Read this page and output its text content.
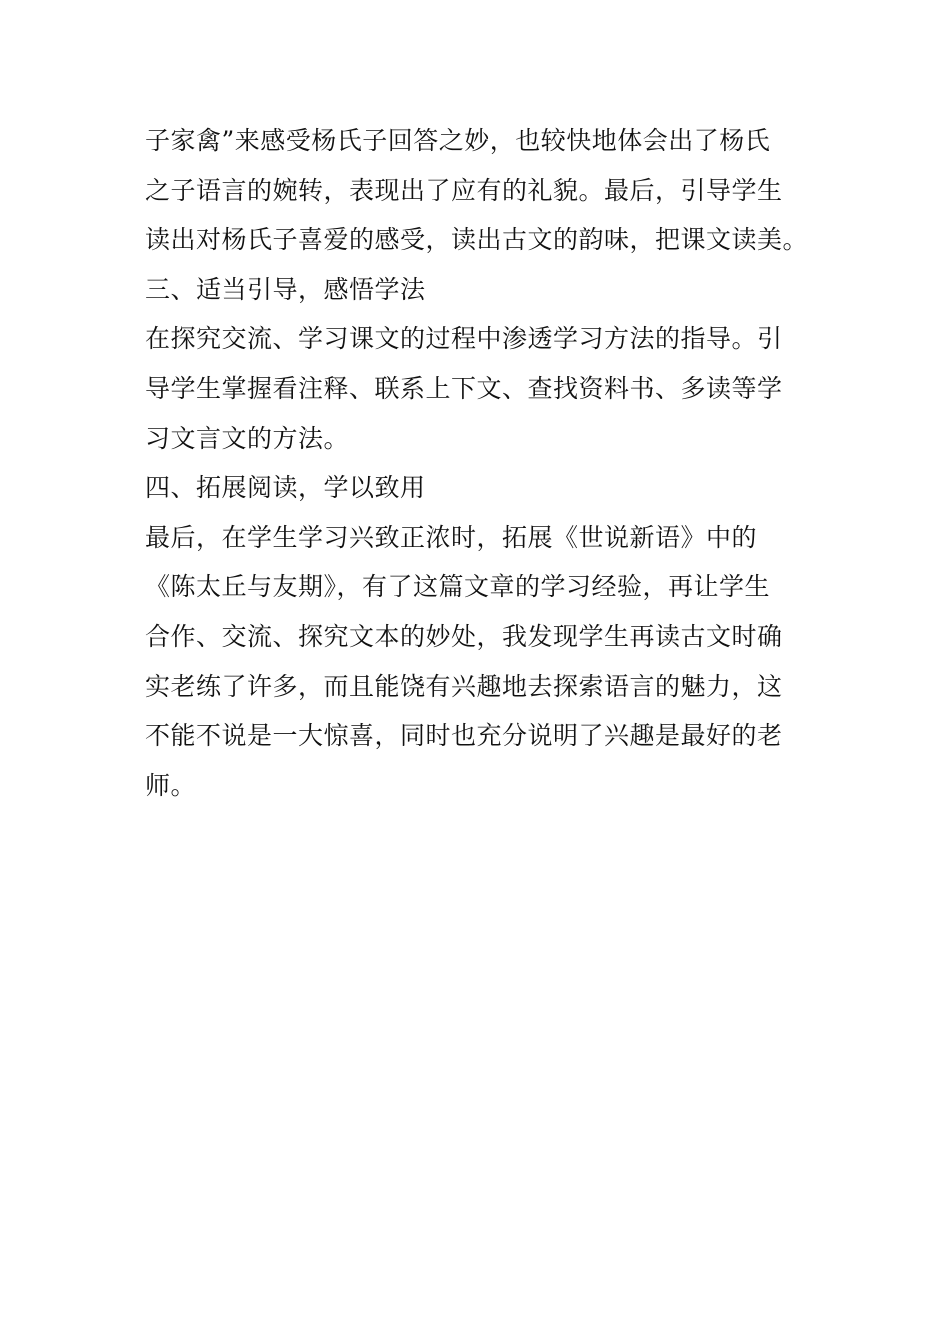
子家禽”来感受杨氏子回答之妙，也较快地体会出了杨氏
之子语言的婉转，表现出了应有的礼貌。最后，引导学生
读出对杨氏子喜爱的感受，读出古文的韵味，把课文读美。
三、适当引导，感悟学法
在探究交流、学习课文的过程中渗透学习方法的指导。引
导学生掌握看注释、联系上下文、查找资料书、多读等学
习文言文的方法。
四、拓展阅读，学以致用
最后，在学生学习兴致正浓时，拓展《世说新语》中的
《陈太丘与友期》，有了这篇文章的学习经验，再让学生
合作、交流、探究文本的妙处，我发现学生再读古文时确
实老练了许多，而且能饶有兴趣地去探索语言的魅力，这
不能不说是一大惊喜，同时也充分说明了兴趣是最好的老
师。
